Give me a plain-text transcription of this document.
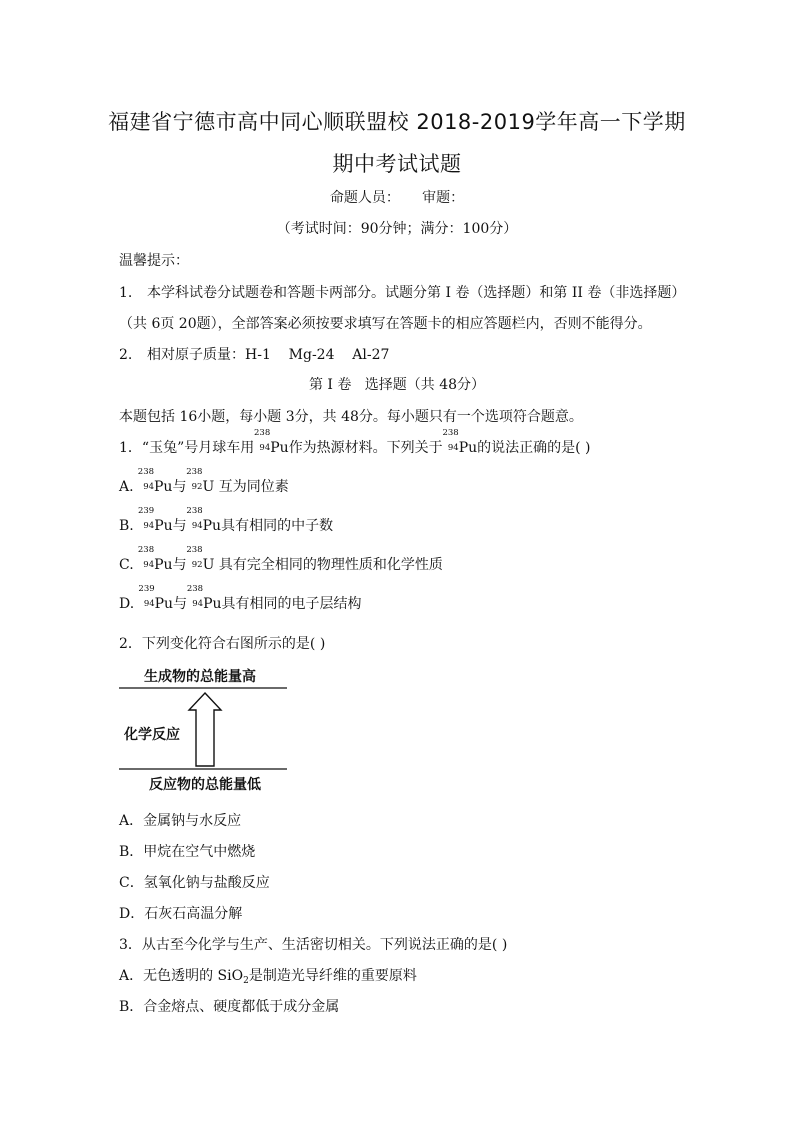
福建省宁德市高中同心顺联盟校 2018-2019学年高一下学期
期中考试试题
命题人员：     审题：
（考试时间：90分钟；满分：100分）
温馨提示：
1. 本学科试卷分试题卷和答题卡两部分。试题分第 I 卷（选择题）和第 II 卷（非选择题）
（共 6页 20题），全部答案必须按要求填写在答题卡的相应答题栏内，否则不能得分。
2. 相对原子质量：H-1    Mg-24    Al-27
第 I 卷   选择题（共 48分）
本题包括 16小题，每小题 3分，共 48分。每小题只有一个选项符合题意。
1．“玉兔”号月球车用
238
94 Pu作为热源材料。下列关于
238
94 Pu的说法正确的是( )
A.
238
94 Pu与
238
92 U 互为同位素
B.
239
94 Pu与
238
94 Pu具有相同的中子数
C.
238
94 Pu与
238
92 U 具有完全相同的物理性质和化学性质
D.
239
94 Pu与
238
94 Pu具有相同的电子层结构
2．下列变化符合右图所示的是( )
生成物的总能量高
化学反应
反应物的总能量低
A．金属钠与水反应
B．甲烷在空气中燃烧
C．氢氧化钠与盐酸反应
D．石灰石高温分解
3．从古至今化学与生产、生活密切相关。下列说法正确的是( )
A．无色透明的 SiO$_2$是制造光导纤维的重要原料
B．合金熔点、硬度都低于成分金属
